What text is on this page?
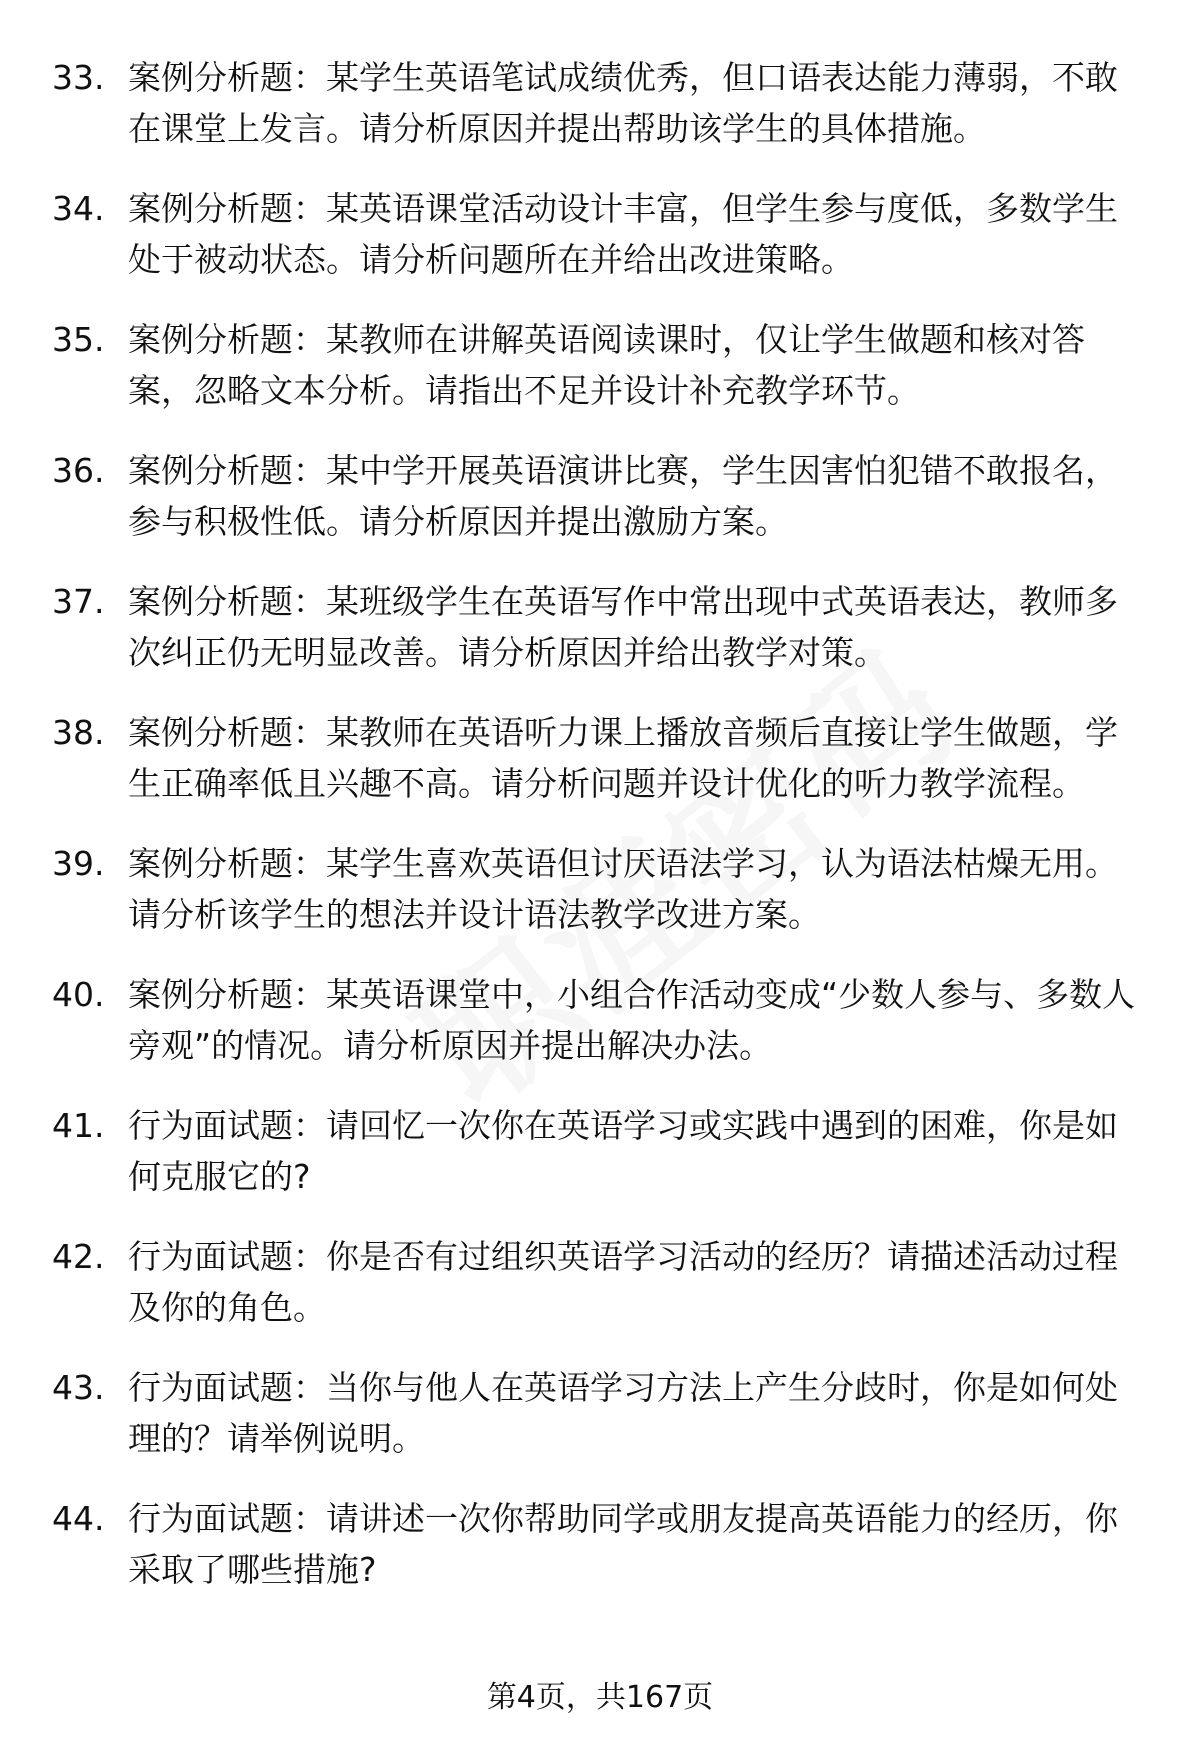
33. 案例分析题：某学生英语笔试成绩优秀，但口语表达能力薄弱，不敢在课堂上发言。请分析原因并提出帮助该学生的具体措施。
34. 案例分析题：某英语课堂活动设计丰富，但学生参与度低，多数学生处于被动状态。请分析问题所在并给出改进策略。
35. 案例分析题：某教师在讲解英语阅读课时，仅让学生做题和核对答案，忽略文本分析。请指出不足并设计补充教学环节。
36. 案例分析题：某中学开展英语演讲比赛，学生因害怕犯错不敢报名，参与积极性低。请分析原因并提出激励方案。
37. 案例分析题：某班级学生在英语写作中常出现中式英语表达，教师多次纠正仍无明显改善。请分析原因并给出教学对策。
38. 案例分析题：某教师在英语听力课上播放音频后直接让学生做题，学生正确率低且兴趣不高。请分析问题并设计优化的听力教学流程。
39. 案例分析题：某学生喜欢英语但讨厌语法学习，认为语法枯燥无用。请分析该学生的想法并设计语法教学改进方案。
40. 案例分析题：某英语课堂中，小组合作活动变成“少数人参与、多数人旁观”的情况。请分析原因并提出解决办法。
41. 行为面试题：请回忆一次你在英语学习或实践中遇到的困难，你是如何克服它的?
42. 行为面试题：你是否有过组织英语学习活动的经历？请描述活动过程及你的角色。
43. 行为面试题：当你与他人在英语学习方法上产生分歧时，你是如何处理的？请举例说明。
44. 行为面试题：请讲述一次你帮助同学或朋友提高英语能力的经历，你采取了哪些措施?
第4页，共167页
